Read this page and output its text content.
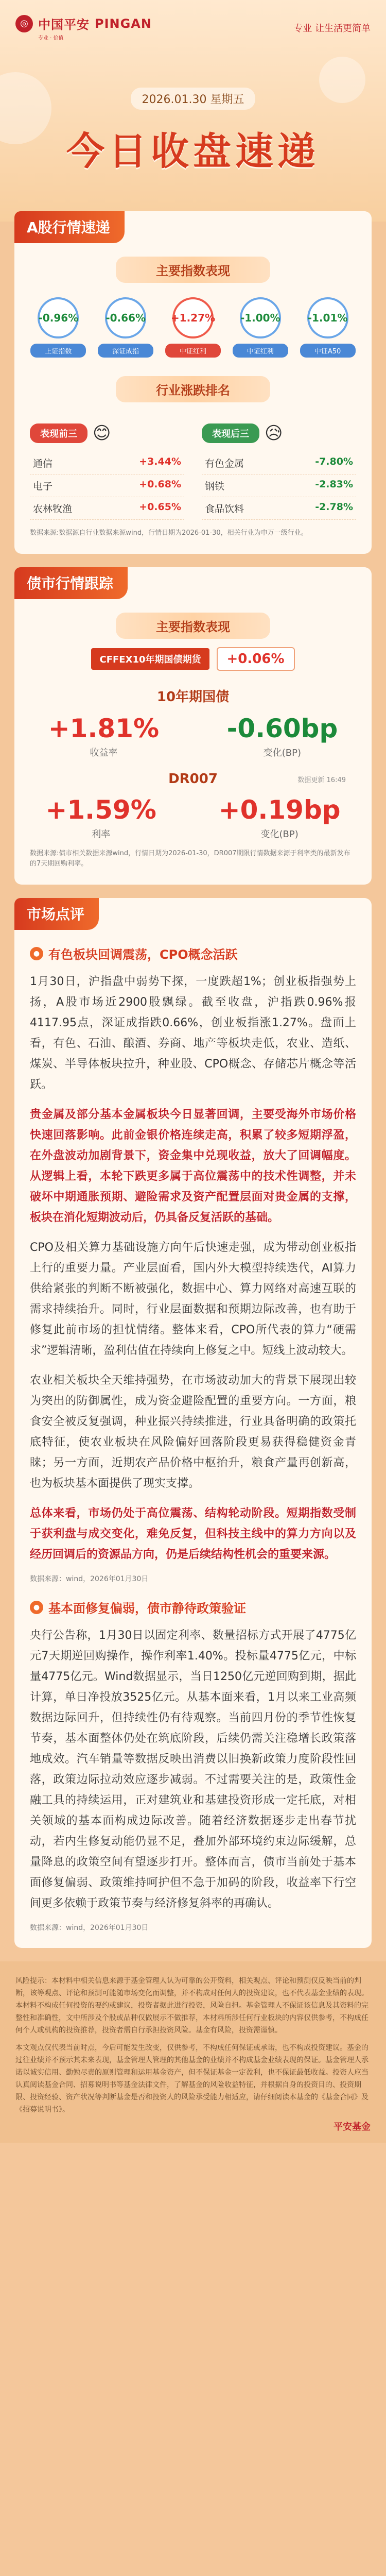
◎ 中国平安 PINGAN
专业 · 价值
专业 让生活更简单
2026.01.30 星期五
今日收盘速递
A股行情速递
主要指数表现
-0.96%
上证指数
-0.66%
深证成指
+1.27%
中证红利
-1.00%
中证红利
-1.01%
中证A50
行业涨跌排名
表现前三 😊	表现后三 😥
通信	+3.44%
电子	+0.68%
农林牧渔	+0.65%
有色金属	-7.80%
钢铁	-2.83%
食品饮料	-2.78%
数据来源:数据源自行业数据来源wind，行情日期为2026-01-30，相关行业为申万一级行业。
债市行情跟踪
主要指数表现
CFFEX10年期国债期货	+0.06%
10年期国债
+1.81%
收益率
-0.60bp
变化(BP)
DR007	数据更新 16:49
+1.59%
利率
+0.19bp
变化(BP)
数据来源:债市相关数据来源wind，行情日期为2026-01-30，DR007期限行情数据来源于利率类的最新发布的7天期回购利率。
市场点评
● 有色板块回调震荡，CPO概念活跃
1月30日，沪指盘中弱势下探，一度跌超1%；创业板指强势上扬，A股市场近2900股飘绿。截至收盘，沪指跌0.96%报4117.95点，深证成指跌0.66%，创业板指涨1.27%。盘面上看，有色、石油、酿酒、券商、地产等板块走低，农业、造纸、煤炭、半导体板块拉升，种业股、CPO概念、存储芯片概念等活跃。
贵金属及部分基本金属板块今日显著回调，主要受海外市场价格快速回落影响。此前金银价格连续走高，积累了较多短期浮盈，在外盘波动加剧背景下，资金集中兑现收益，放大了回调幅度。从逻辑上看，本轮下跌更多属于高位震荡中的技术性调整，并未破坏中期通胀预期、避险需求及资产配置层面对贵金属的支撑，板块在消化短期波动后，仍具备反复活跃的基础。
CPO及相关算力基础设施方向午后快速走强，成为带动创业板指上行的重要力量。产业层面看，国内外大模型持续迭代，AI算力供给紧张的判断不断被强化，数据中心、算力网络对高速互联的需求持续抬升。同时，行业层面数据和预期边际改善，也有助于修复此前市场的担忧情绪。整体来看，CPO所代表的算力“硬需求”逻辑清晰，盈利估值在持续向上修复之中。短线上波动较大。
农业相关板块全天维持强势，在市场波动加大的背景下展现出较为突出的防御属性，成为资金避险配置的重要方向。一方面，粮食安全被反复强调，种业振兴持续推进，行业具备明确的政策托底特征，使农业板块在风险偏好回落阶段更易获得稳健资金青睐；另一方面，近期农产品价格中枢抬升，粮食产量再创新高，也为板块基本面提供了现实支撑。
总体来看，市场仍处于高位震荡、结构轮动阶段。短期指数受制于获利盘与成交变化，难免反复，但科技主线中的算力方向以及经历回调后的资源品方向，仍是后续结构性机会的重要来源。
数据来源：wind，2026年01月30日
● 基本面修复偏弱，债市静待政策验证
央行公告称，1月30日以固定利率、数量招标方式开展了4775亿元7天期逆回购操作，操作利率1.40%。投标量4775亿元，中标量4775亿元。Wind数据显示，当日1250亿元逆回购到期，据此计算，单日净投放3525亿元。从基本面来看，1月以来工业高频数据边际回升，但持续性仍有待观察。当前四月份的季节性恢复节奏，基本面整体仍处在筑底阶段，后续仍需关注稳增长政策落地成效。汽车销量等数据反映出消费以旧换新政策力度阶段性回落，政策边际拉动效应逐步减弱。不过需要关注的是，政策性金融工具的持续运用，正对建筑业和基建投资形成一定托底，对相关领域的基本面构成边际改善。随着经济数据逐步走出春节扰动，若内生修复动能仍显不足，叠加外部环境约束边际缓解，总量降息的政策空间有望逐步打开。整体而言，债市当前处于基本面修复偏弱、政策维持呵护但不急于加码的阶段，收益率下行空间更多依赖于政策节奏与经济修复斜率的再确认。
数据来源：wind，2026年01月30日
风险提示：本材料中相关信息来源于基金管理人认为可靠的公开资料，相关观点、评论和预测仅反映当前的判断，该等观点、评论和预测可能随市场变化而调整，并不构成对任何人的投资建议，也不代表基金业绩的表现。本材料不构成任何投资的要约或建议，投资者据此进行投资，风险自担。基金管理人不保证该信息及其资料的完整性和准确性，文中所涉及个股或品种仅做展示不做推荐，本材料所涉任何行业板块的内容仅供参考，不构成任何个人或机构的投资推荐，投资者需自行承担投资风险。基金有风险，投资需谨慎。
本文观点仅代表当前时点，今后可能发生改变，仅供参考，不构成任何保证或承诺，也不构成投资建议。基金的过往业绩并不预示其未来表现，基金管理人管理的其他基金的业绩并不构成基金业绩表现的保证。基金管理人承诺以诚实信用、勤勉尽责的原则管理和运用基金资产，但不保证基金一定盈利，也不保证最低收益。投资人应当认真阅读基金合同、招募说明书等基金法律文件，了解基金的风险收益特征，并根据自身的投资目的、投资期限、投资经验、资产状况等判断基金是否和投资人的风险承受能力相适应，请仔细阅读本基金的《基金合同》及《招募说明书》。
平安基金
